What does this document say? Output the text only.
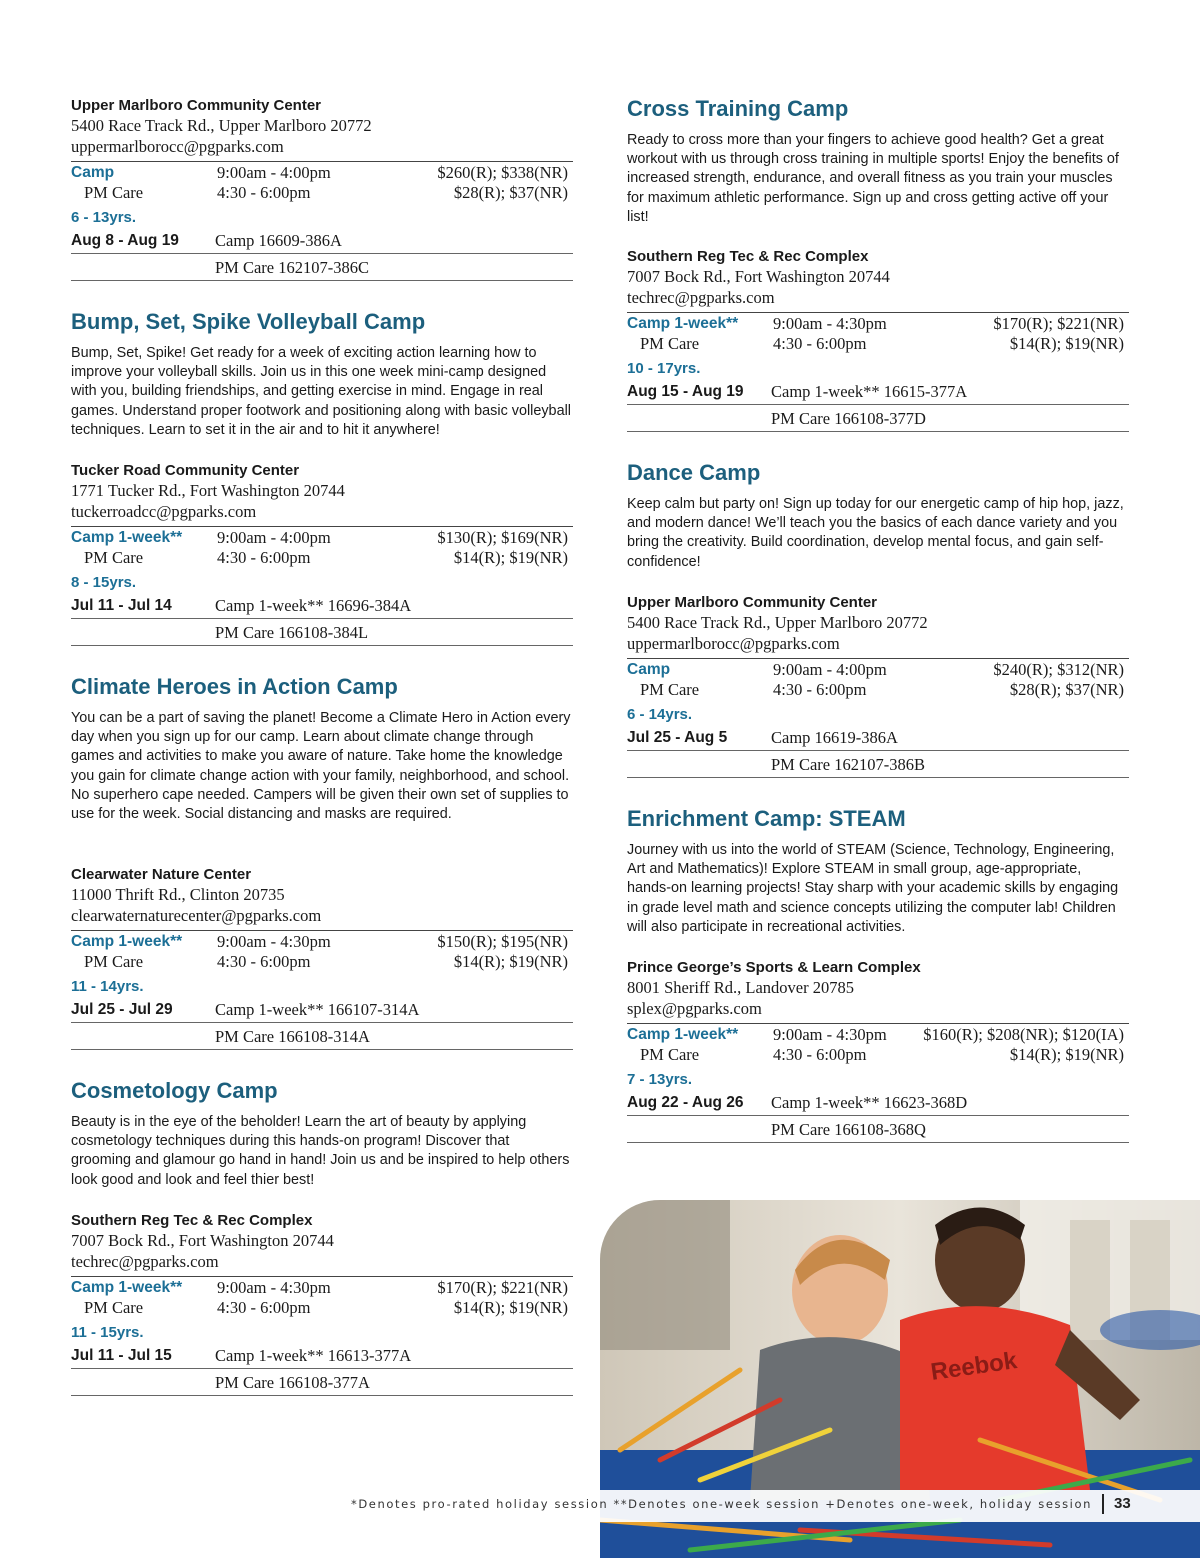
Upper Marlboro Community Center
5400 Race Track Rd., Upper Marlboro 20772
uppermarlborocc@pgparks.com
Camp	9:00am - 4:00pm	$260(R); $338(NR)
PM Care	4:30 - 6:00pm	$28(R); $37(NR)
6 - 13yrs.
Aug 8 - Aug 19 Camp 16609-386A
PM Care 162107-386C
Bump, Set, Spike Volleyball Camp
Bump, Set, Spike! Get ready for a week of exciting action learning how to improve your volleyball skills. Join us in this one week mini-camp designed with you, building friendships, and getting exercise in mind. Engage in real games. Understand proper footwork and positioning along with basic volleyball techniques. Learn to set it in the air and to hit it anywhere!
Tucker Road Community Center
1771 Tucker Rd., Fort Washington 20744
tuckerroadcc@pgparks.com
Camp 1-week** 9:00am - 4:00pm	$130(R); $169(NR)
PM Care	4:30 - 6:00pm	$14(R); $19(NR)
8 - 15yrs.
Jul 11 - Jul 14	Camp 1-week** 16696-384A
PM Care 166108-384L
Climate Heroes in Action Camp
You can be a part of saving the planet! Become a Climate Hero in Action every day when you sign up for our camp. Learn about climate change through games and activities to make you aware of nature. Take home the knowledge you gain for climate change action with your family, neighborhood, and school. No superhero cape needed. Campers will be given their own set of supplies to use for the week. Social distancing and masks are required.
Clearwater Nature Center
11000 Thrift Rd., Clinton 20735
clearwaternaturecenter@pgparks.com
Camp 1-week** 9:00am - 4:30pm	$150(R); $195(NR)
PM Care	4:30 - 6:00pm	$14(R); $19(NR)
11 - 14yrs.
Jul 25 - Jul 29	Camp 1-week** 166107-314A
PM Care 166108-314A
Cosmetology Camp
Beauty is in the eye of the beholder! Learn the art of beauty by applying cosmetology techniques during this hands-on program! Discover that grooming and glamour go hand in hand! Join us and be inspired to help others look good and look and feel thier best!
Southern Reg Tec & Rec Complex
7007 Bock Rd., Fort Washington 20744
techrec@pgparks.com
Camp 1-week** 9:00am - 4:30pm	$170(R); $221(NR)
PM Care	4:30 - 6:00pm	$14(R); $19(NR)
11 - 15yrs.
Jul 11 - Jul 15	Camp 1-week** 16613-377A
PM Care 166108-377A
Cross Training Camp
Ready to cross more than your fingers to achieve good health? Get a great workout with us through cross training in multiple sports! Enjoy the benefits of increased strength, endurance, and overall fitness as you train your muscles for maximum athletic performance. Sign up and cross getting active off your list!
Southern Reg Tec & Rec Complex
7007 Bock Rd., Fort Washington 20744
techrec@pgparks.com
Camp 1-week** 9:00am - 4:30pm	$170(R); $221(NR)
PM Care	4:30 - 6:00pm	$14(R); $19(NR)
10 - 17yrs.
Aug 15 - Aug 19 Camp 1-week** 16615-377A
PM Care 166108-377D
Dance Camp
Keep calm but party on! Sign up today for our energetic camp of hip hop, jazz, and modern dance! We’ll teach you the basics of each dance variety and you bring the creativity. Build coordination, develop mental focus, and gain self-confidence!
Upper Marlboro Community Center
5400 Race Track Rd., Upper Marlboro 20772
uppermarlborocc@pgparks.com
Camp	9:00am - 4:00pm	$240(R); $312(NR)
PM Care	4:30 - 6:00pm	$28(R); $37(NR)
6 - 14yrs.
Jul 25 - Aug 5	Camp 16619-386A
PM Care 162107-386B
Enrichment Camp: STEAM
Journey with us into the world of STEAM (Science, Technology, Engineering, Art and Mathematics)! Explore STEAM in small group, age-appropriate, hands-on learning projects! Stay sharp with your academic skills by engaging in grade level math and science concepts utilizing the computer lab! Children will also participate in recreational activities.
Prince George’s Sports & Learn Complex
8001 Sheriff Rd., Landover 20785
splex@pgparks.com
Camp 1-week** 9:00am - 4:30pm $160(R); $208(NR); $120(IA)
PM Care	4:30 - 6:00pm	$14(R); $19(NR)
7 - 13yrs.
Aug 22 - Aug 26 Camp 1-week** 16623-368D
PM Care 166108-368Q
Reebok
*Denotes pro-rated holiday session **Denotes one-week session +Denotes one-week, holiday session 33
